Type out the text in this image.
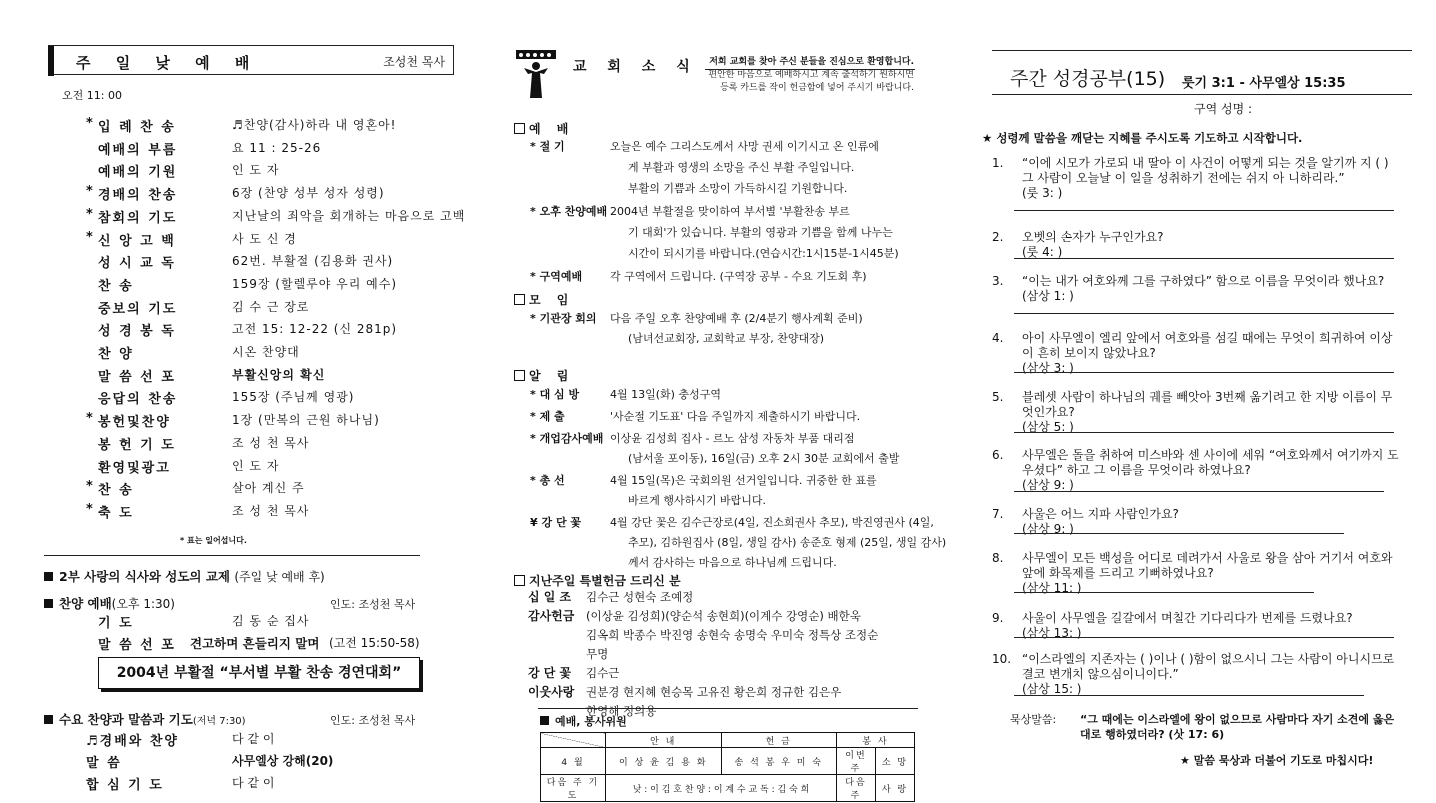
주 일 낮 예 배	조성천 목사
오전 11: 00
* 입 례 찬 송	♬찬양(감사)하라 내 영혼아!
예배의 부름	요 11 : 25-26
예배의 기원	인 도 자
* 경배의 찬송	6장 (찬양 성부 성자 성령)
* 참회의 기도	지난날의 죄악을 회개하는 마음으로 고백
* 신 앙 고 백	사 도 신 경
성 시 교 독	62번. 부활절 (김용화 권사)
찬 송	159장 (할렐루야 우리 예수)
중보의 기도	김 수 근 장로
성 경 봉 독	고전 15: 12-22 (신 281p)
찬 양	시온 찬양대
말 씀 선 포	부활신앙의 확신
응답의 찬송	155장 (주님께 영광)
* 봉헌및찬양	1장 (만복의 근원 하나님)
봉 헌 기 도	조 성 천 목사
환영및광고	인 도 자
* 찬 송	살아 계신 주
* 축 도	조 성 천 목사
* 표는 일어섭니다.
2부 사랑의 식사와 성도의 교제 (주일 낮 예배 후)
찬양 예배(오후 1:30)	인도: 조성천 목사
기 도	김 동 순 집사
말 씀 선 포 견고하며 흔들리지 말며 (고전 15:50-58)
2004년 부활절 “부서별 부활 찬송 경연대회”
수요 찬양과 말씀과 기도(저녁 7:30)	인도: 조성천 목사
♬경배와 찬양	다 같 이
말 씀	사무엘상 강해(20)
합 심 기 도	다 같 이
교 회 소 식	저희 교회를 찾아 주신 분들을 진심으로 환영합니다.
편안한 마음으로 예배하시고 계속 출석하기 원하시면
등록 카드를 작이 헌금함에 넣어 주시기 바랍니다.
예 배
* 절 기	오늘은 예수 그리스도께서 사망 권세 이기시고 온 인류에
게 부활과 영생의 소망을 주신 부활 주일입니다.
부활의 기쁨과 소망이 가득하시길 기원합니다.
* 오후 찬양예배 2004년 부활절을 맞이하여 부서별 '부활찬송 부르
기 대회'가 있습니다. 부활의 영광과 기쁨을 함께 나누는
시간이 되시기를 바랍니다.(연습시간:1시15분-1시45분)
* 구역예배	각 구역에서 드립니다. (구역장 공부 - 수요 기도회 후)
모 임
* 기관장 회의 다음 주일 오후 찬양예배 후 (2/4분기 행사계획 준비)
(남녀선교회장, 교회학교 부장, 찬양대장)
알 림
* 대 심 방	4월 13일(화) 충성구역
* 제 출	'사순절 기도표' 다음 주일까지 제출하시기 바랍니다.
* 개업감사예배 이상윤 김성희 집사 - 르노 삼성 자동차 부품 대리점
(남서울 포이동), 16일(금) 오후 2시 30분 교회에서 출발
* 총 선	4월 15일(목)은 국회의원 선거일입니다. 귀중한 한 표를
바르게 행사하시기 바랍니다.
¥ 강 단 꽃	4월 강단 꽃은 김수근장로(4일, 진소희권사 추모), 박진영권사 (4일,
추모), 김하원집사 (8일, 생일 감사) 송준호 형제 (25일, 생일 감사)
께서 감사하는 마음으로 하나님께 드립니다.
지난주일 특별헌금 드리신 분
십 일 조 김수근 성현숙 조예정
감사헌금 (이상윤 김성희)(양순석 송현희)(이계수 강영순) 배한욱
김옥희 박종수 박진영 송현숙 송명숙 우미숙 정특상 조정순
무명
강 단 꽃 김수근
이웃사랑 권분경 현지혜 현승목 고유진 황은희 정규한 김은우
한영해 정의용
예배, 봉사위원
	안 내	헌 금	봉 사	
4 월	이 상 윤 김 용 화	송 석 봉 우 미 숙	이번 주	소 망
다음 주 기도	낮 : 이 김 호 찬 양 : 이 계 수 교 독 : 김 숙 희		다음 주	사 랑
주간 성경공부(15) 룻기 3:1 - 사무엘상 15:35
구역 성명 :
★ 성령께 말씀을 깨닫는 지혜를 주시도록 기도하고 시작합니다.
1. “이에 시모가 가로되 내 딸아 이 사건이 어떻게 되는 것을 알기까 지 ( ) 그 사람이 오늘날 이 일을 성취하기 전에는 쉬지 아 니하리라.”
(룻 3: )
2. 오벳의 손자가 누구인가요?
(룻 4: )
3. “이는 내가 여호와께 그를 구하였다” 함으로 이름을 무엇이라 했나요?
(삼상 1: )
4. 아이 사무엘이 엘리 앞에서 여호와를 섬길 때에는 무엇이 희귀하여 이상이 흔히 보이지 않았나요?
(삼상 3: )
5. 블레셋 사람이 하나님의 궤를 빼앗아 3번째 옮기려고 한 지방 이름이 무엇인가요?
(삼상 5: )
6. 사무엘은 돌을 취하여 미스바와 센 사이에 세워 “여호와께서 여기까지 도우셨다” 하고 그 이름을 무엇이라 하였나요?
(삼상 9: )
7. 사울은 어느 지파 사람인가요?
(삼상 9: )
8. 사무엘이 모든 백성을 어디로 데려가서 사울로 왕을 삼아 거기서 여호와 앞에 화목제를 드리고 기뻐하였나요?
(삼상 11: )
9. 사울이 사무엘을 길갈에서 며칠간 기다리다가 번제를 드렸나요?
(삼상 13: )
10. “이스라엘의 지존자는 ( )이나 ( )함이 없으시니 그는 사람이 아니시므로 결코 변개치 않으심이니이다.”
(삼상 15: )
묵상말씀: “그 때에는 이스라엘에 왕이 없으므로 사람마다 자기 소견에 옳은 대로 행하였더라? (삿 17: 6)
★ 말씀 묵상과 더불어 기도로 마칩시다!
